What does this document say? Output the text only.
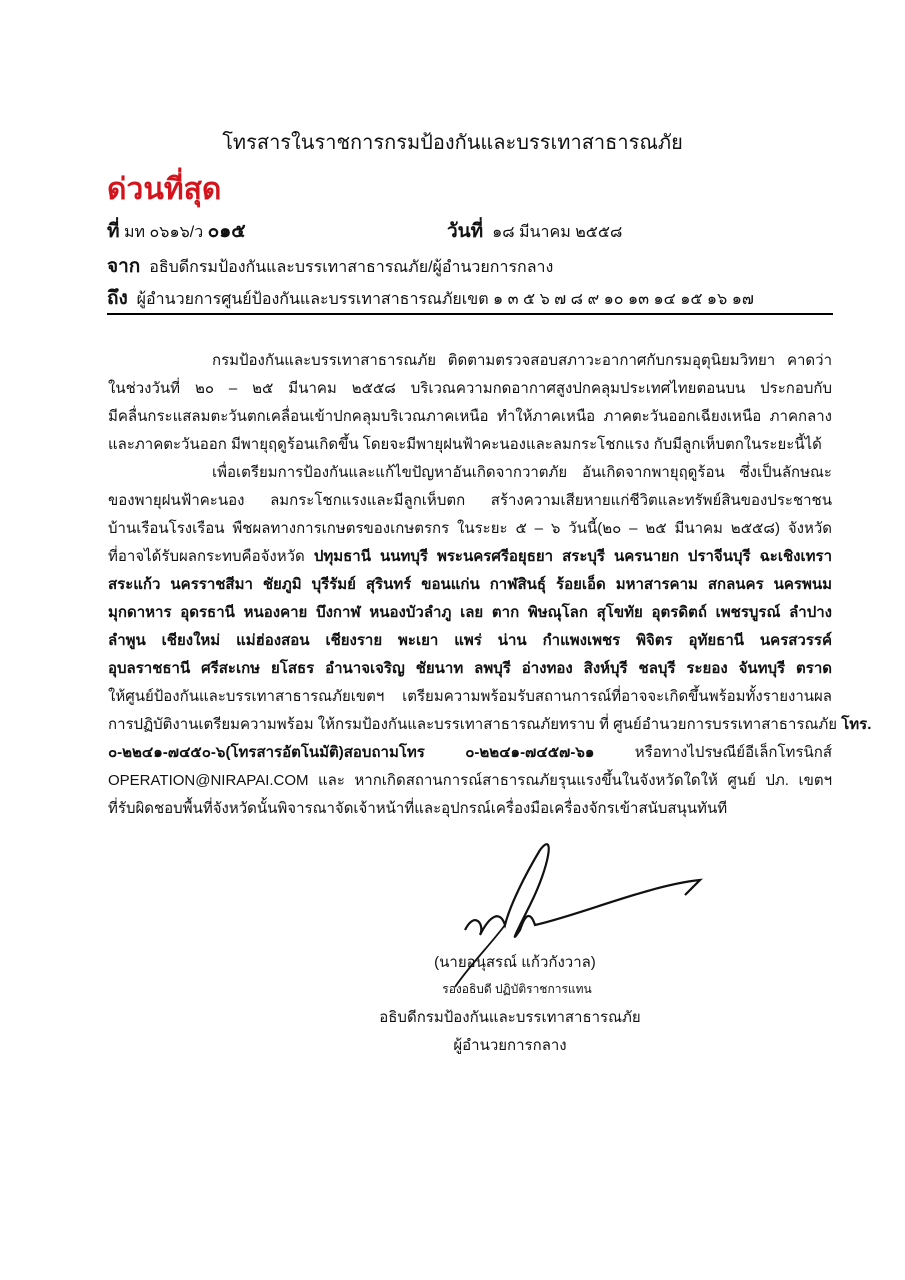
โทรสารในราชการกรมป้องกันและบรรเทาสาธารณภัย
ด่วนที่สุด
ที่ มท ๐๖๑๖/ว ๐๑๕	วันที่ ๑๘ มีนาคม ๒๕๕๘
จาก อธิบดีกรมป้องกันและบรรเทาสาธารณภัย/ผู้อำนวยการกลาง
ถึง ผู้อำนวยการศูนย์ป้องกันและบรรเทาสาธารณภัยเขต ๑ ๓ ๕ ๖ ๗ ๘ ๙ ๑๐ ๑๓ ๑๔ ๑๕ ๑๖ ๑๗
กรมป้องกันและบรรเทาสาธารณภัย ติดตามตรวจสอบสภาวะอากาศกับกรมอุตุนิยมวิทยา คาดว่า
ในช่วงวันที่ ๒๐ – ๒๕ มีนาคม ๒๕๕๘ บริเวณความกดอากาศสูงปกคลุมประเทศไทยตอนบน ประกอบกับ
มีคลื่นกระแสลมตะวันตกเคลื่อนเข้าปกคลุมบริเวณภาคเหนือ ทำให้ภาคเหนือ ภาคตะวันออกเฉียงเหนือ ภาคกลาง
และภาคตะวันออก มีพายุฤดูร้อนเกิดขึ้น โดยจะมีพายุฝนฟ้าคะนองและลมกระโชกแรง กับมีลูกเห็บตกในระยะนี้ได้
เพื่อเตรียมการป้องกันและแก้ไขปัญหาอันเกิดจากวาตภัย อันเกิดจากพายุฤดูร้อน ซึ่งเป็นลักษณะ
ของพายุฝนฟ้าคะนอง ลมกระโชกแรงและมีลูกเห็บตก สร้างความเสียหายแก่ชีวิตและทรัพย์สินของประชาชน
บ้านเรือนโรงเรือน พืชผลทางการเกษตรของเกษตรกร ในระยะ ๕ – ๖ วันนี้(๒๐ – ๒๕ มีนาคม ๒๕๕๘) จังหวัด
ที่อาจได้รับผลกระทบคือจังหวัด ปทุมธานี นนทบุรี พระนครศรีอยุธยา สระบุรี นครนายก ปราจีนบุรี ฉะเชิงเทรา
สระแก้ว นครราชสีมา ชัยภูมิ บุรีรัมย์ สุรินทร์ ขอนแก่น กาฬสินธุ์ ร้อยเอ็ด มหาสารคาม สกลนคร นครพนม
มุกดาหาร อุดรธานี หนองคาย บึงกาฬ หนองบัวลำภู เลย ตาก พิษณุโลก สุโขทัย อุตรดิตถ์ เพชรบูรณ์ ลำปาง
ลำพูน เชียงใหม่ แม่ฮ่องสอน เชียงราย พะเยา แพร่ น่าน กำแพงเพชร พิจิตร อุทัยธานี นครสวรรค์
อุบลราชธานี ศรีสะเกษ ยโสธร อำนาจเจริญ ชัยนาท ลพบุรี อ่างทอง สิงห์บุรี ชลบุรี ระยอง จันทบุรี ตราด
ให้ศูนย์ป้องกันและบรรเทาสาธารณภัยเขตฯ เตรียมความพร้อมรับสถานการณ์ที่อาจจะเกิดขึ้นพร้อมทั้งรายงานผล
การปฏิบัติงานเตรียมความพร้อม ให้กรมป้องกันและบรรเทาสาธารณภัยทราบ ที่ ศูนย์อำนวยการบรรเทาสาธารณภัย โทร.
๐-๒๒๔๑-๗๔๕๐-๖(โทรสารอัตโนมัติ)สอบถามโทร ๐-๒๒๔๑-๗๔๕๗-๖๑ หรือทางไปรษณีย์อีเล็กโทรนิกส์
OPERATION@NIRAPAI.COM และ หากเกิดสถานการณ์สาธารณภัยรุนแรงขึ้นในจังหวัดใดให้ ศูนย์ ปภ. เขตฯ
ที่รับผิดชอบพื้นที่จังหวัดนั้นพิจารณาจัดเจ้าหน้าที่และอุปกรณ์เครื่องมือเครื่องจักรเข้าสนับสนุนทันที
(นายอนุสรณ์ แก้วกังวาล)
รองอธิบดี ปฏิบัติราชการแทน
อธิบดีกรมป้องกันและบรรเทาสาธารณภัย
ผู้อำนวยการกลาง
